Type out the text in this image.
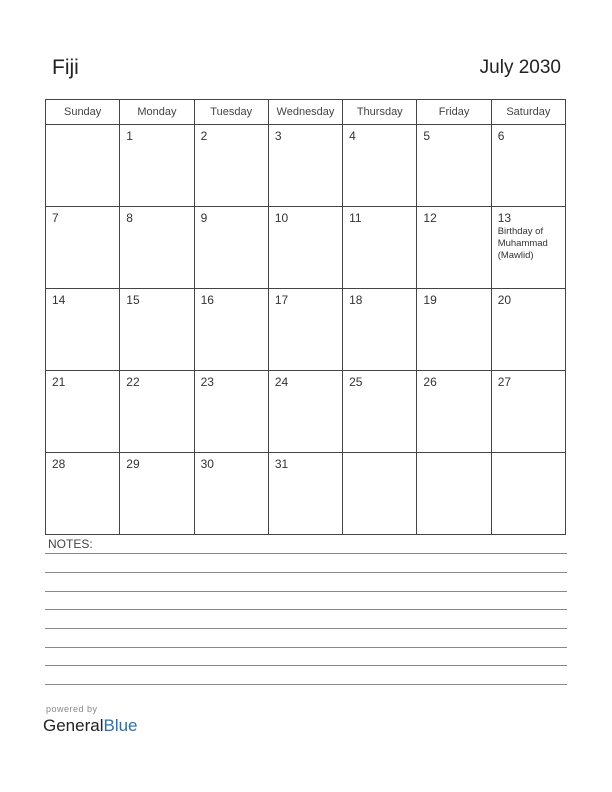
Fiji	July 2030
Sunday	Monday	Tuesday	Wednesday	Thursday	Friday	Saturday

	1	2	3	4	5	6

7	8	9	10	11	12	13
Birthday of Muhammad (Mawlid)

14	15	16	17	18	19	20

21	22	23	24	25	26	27

28	29	30	31			

NOTES:
powered by
GeneralBlue
